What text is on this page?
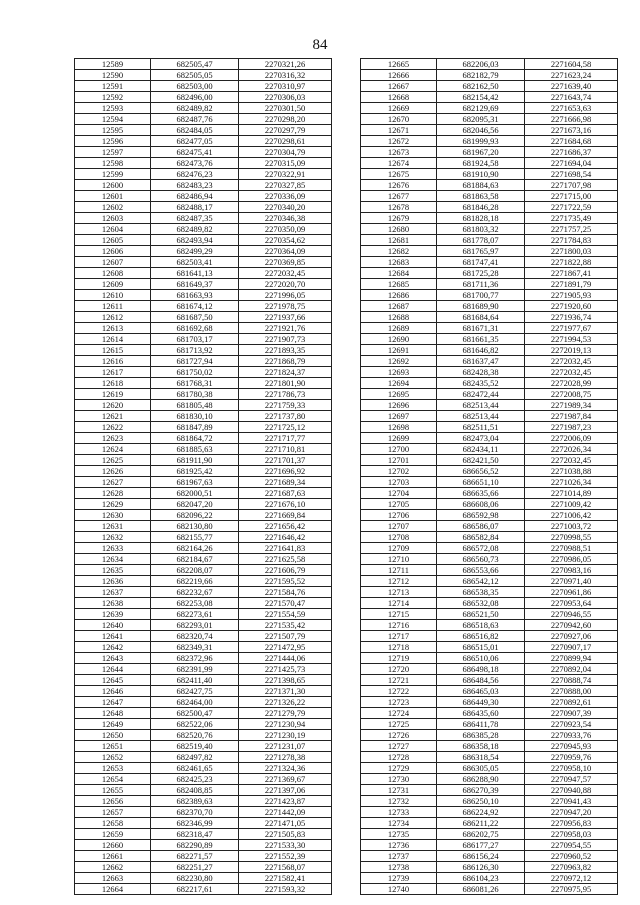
84
12589	682505,47	2270321,26
12590	682505,05	2270316,32
12591	682503,00	2270310,97
12592	682496,00	2270306,03
12593	682489,82	2270301,50
12594	682487,76	2270298,20
12595	682484,05	2270297,79
12596	682477,05	2270298,61
12597	682475,41	2270304,79
12598	682473,76	2270315,09
12599	682476,23	2270322,91
12600	682483,23	2270327,85
12601	682486,94	2270336,09
12602	682488,17	2270340,20
12603	682487,35	2270346,38
12604	682489,82	2270350,09
12605	682493,94	2270354,62
12606	682499,29	2270364,09
12607	682503,41	2270369,85
12608	681641,13	2272032,45
12609	681649,37	2272020,70
12610	681663,93	2271996,05
12611	681674,12	2271978,75
12612	681687,50	2271937,66
12613	681692,68	2271921,76
12614	681703,17	2271907,73
12615	681713,92	2271893,35
12616	681727,94	2271868,79
12617	681750,02	2271824,37
12618	681768,31	2271801,90
12619	681780,38	2271786,73
12620	681805,48	2271759,33
12621	681830,10	2271737,80
12622	681847,89	2271725,12
12623	681864,72	2271717,77
12624	681885,63	2271710,81
12625	681911,90	2271701,37
12626	681925,42	2271696,92
12627	681967,63	2271689,34
12628	682000,51	2271687,63
12629	682047,20	2271676,10
12630	682096,22	2271669,84
12631	682130,80	2271656,42
12632	682155,77	2271646,42
12633	682164,26	2271641,83
12634	682184,67	2271625,58
12635	682208,07	2271606,79
12636	682219,66	2271595,52
12637	682232,67	2271584,76
12638	682253,08	2271570,47
12639	682273,61	2271554,59
12640	682293,01	2271535,42
12641	682320,74	2271507,79
12642	682349,31	2271472,95
12643	682372,96	2271444,06
12644	682391,99	2271425,73
12645	682411,40	2271398,65
12646	682427,75	2271371,30
12647	682464,00	2271326,22
12648	682500,47	2271279,79
12649	682522,06	2271230,94
12650	682520,76	2271230,19
12651	682519,40	2271231,07
12652	682497,82	2271278,38
12653	682461,65	2271324,36
12654	682425,23	2271369,67
12655	682408,85	2271397,06
12656	682389,63	2271423,87
12657	682370,70	2271442,09
12658	682346,99	2271471,05
12659	682318,47	2271505,83
12660	682290,89	2271533,30
12661	682271,57	2271552,39
12662	682251,27	2271568,07
12663	682230,80	2271582,41
12664	682217,61	2271593,32
12665	682206,03	2271604,58
12666	682182,79	2271623,24
12667	682162,50	2271639,40
12668	682154,42	2271643,74
12669	682129,69	2271653,63
12670	682095,31	2271666,98
12671	682046,56	2271673,16
12672	681999,93	2271684,68
12673	681967,20	2271686,37
12674	681924,58	2271694,04
12675	681910,90	2271698,54
12676	681884,63	2271707,98
12677	681863,58	2271715,00
12678	681846,28	2271722,59
12679	681828,18	2271735,49
12680	681803,32	2271757,25
12681	681778,07	2271784,83
12682	681765,97	2271800,03
12683	681747,41	2271822,88
12684	681725,28	2271867,41
12685	681711,36	2271891,79
12686	681700,77	2271905,93
12687	681689,90	2271920,60
12688	681684,64	2271936,74
12689	681671,31	2271977,67
12690	681661,35	2271994,53
12691	681646,82	2272019,13
12692	681637,47	2272032,45
12693	682428,38	2272032,45
12694	682435,52	2272028,99
12695	682472,44	2272008,75
12696	682513,44	2271989,34
12697	682513,44	2271987,84
12698	682511,51	2271987,23
12699	682473,04	2272006,09
12700	682434,11	2272026,34
12701	682421,50	2272032,45
12702	686656,52	2271038,88
12703	686651,10	2271026,34
12704	686635,66	2271014,89
12705	686608,06	2271009,42
12706	686592,98	2271006,42
12707	686586,07	2271003,72
12708	686582,84	2270998,55
12709	686572,08	2270988,51
12710	686560,73	2270986,05
12711	686553,66	2270983,16
12712	686542,12	2270971,40
12713	686538,35	2270961,86
12714	686532,08	2270953,64
12715	686521,50	2270946,55
12716	686518,63	2270942,60
12717	686516,82	2270927,06
12718	686515,01	2270907,17
12719	686510,06	2270899,94
12720	686498,18	2270892,04
12721	686484,56	2270888,74
12722	686465,03	2270888,00
12723	686449,30	2270892,61
12724	686435,60	2270907,39
12725	686411,78	2270923,54
12726	686385,28	2270933,76
12727	686358,18	2270945,93
12728	686318,54	2270959,76
12729	686305,05	2270958,10
12730	686288,90	2270947,57
12731	686270,39	2270940,88
12732	686250,10	2270941,43
12733	686224,92	2270947,20
12734	686211,22	2270956,83
12735	686202,75	2270958,03
12736	686177,27	2270954,55
12737	686156,24	2270960,52
12738	686126,30	2270963,82
12739	686104,23	2270972,12
12740	686081,26	2270975,95
